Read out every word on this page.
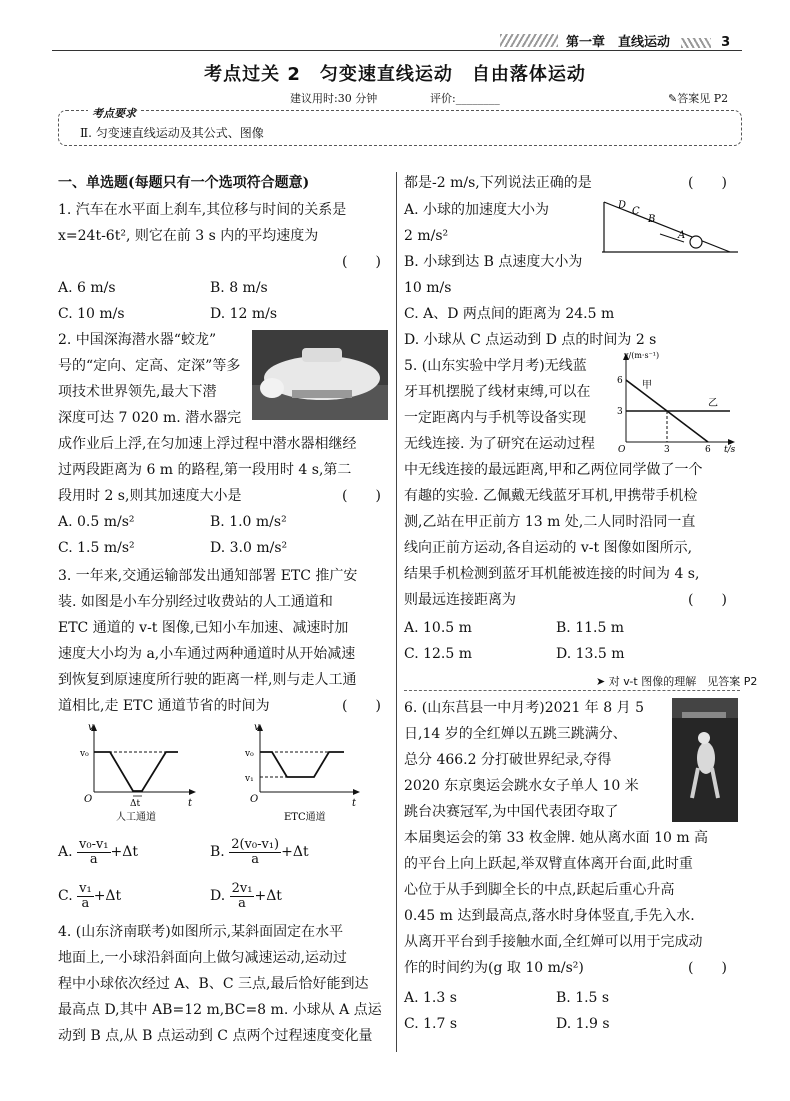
第一章　直线运动	3
考点过关 2　匀变速直线运动　自由落体运动
建议用时:30 分钟	评价:________	✎答案见 P2
考点要求
Ⅱ. 匀变速直线运动及其公式、图像
一、单选题(每题只有一个选项符合题意)
1. 汽车在水平面上刹车,其位移与时间的关系是
x=24t-6t², 则它在前 3 s 内的平均速度为
(　　)
A. 6 m/s	B. 8 m/s
C. 10 m/s	D. 12 m/s
2. 中国深海潜水器“蛟龙”
号的“定向、定高、定深”等多
项技术世界领先,最大下潜
深度可达 7 020 m. 潜水器完
成作业后上浮,在匀加速上浮过程中潜水器相继经
过两段距离为 6 m 的路程,第一段用时 4 s,第二
段用时 2 s,则其加速度大小是	(　　)
A. 0.5 m/s²	B. 1.0 m/s²
C. 1.5 m/s²	D. 3.0 m/s²
3. 一年来,交通运输部发出通知部署 ETC 推广安
装. 如图是小车分别经过收费站的人工通道和
ETC 通道的 v-t 图像,已知小车加速、减速时加
速度大小均为 a,小车通过两种通道时从开始减速
到恢复到原速度所行驶的距离一样,则与走人工通
道相比,走 ETC 通道节省的时间为	(　　)
v
v₀
O	Δt	t
人工通道
v
v₀
v₁
O	t
ETC通道
A. $\frac{\text{v₀-v₁}}{a} +\Delta t$	B. $\frac{\text{2(v₀-v₁)}}{a} +\Delta t$
C. $\frac{\text{v₁}}{a} +\Delta t$	D. $\frac{\text{2v₁}}{a} +\Delta t$
4. (山东济南联考)如图所示,某斜面固定在水平
地面上,一小球沿斜面向上做匀减速运动,运动过
程中小球依次经过 A、B、C 三点,最后恰好能到达
最高点 D,其中 AB=12 m,BC=8 m. 小球从 A 点运
动到 B 点,从 B 点运动到 C 点两个过程速度变化量
都是-2 m/s,下列说法正确的是	(　　)
A. 小球的加速度大小为
2 m/s²
B. 小球到达 B 点速度大小为
10 m/s
C. A、D 两点间的距离为 24.5 m
D. 小球从 C 点运动到 D 点的时间为 2 s
D
C
B
A
5. (山东实验中学月考)无线蓝
牙耳机摆脱了线材束缚,可以在
一定距离内与手机等设备实现
无线连接. 为了研究在运动过程
中无线连接的最远距离,甲和乙两位同学做了一个
有趣的实验. 乙佩戴无线蓝牙耳机,甲携带手机检
测,乙站在甲正前方 13 m 处,二人同时沿同一直
线向正前方运动,各自运动的 v-t 图像如图所示,
结果手机检测到蓝牙耳机能被连接的时间为 4 s,
则最远连接距离为	(　　)
v/(m·s⁻¹)
t/s
6
3
3	6
O
甲
乙
A. 10.5 m	B. 11.5 m
C. 12.5 m	D. 13.5 m
➤ 对 v-t 图像的理解　见答案 P2
6. (山东莒县一中月考)2021 年 8 月 5
日,14 岁的全红婵以五跳三跳满分、
总分 466.2 分打破世界纪录,夺得
2020 东京奥运会跳水女子单人 10 米
跳台决赛冠军,为中国代表团夺取了
本届奥运会的第 33 枚金牌. 她从离水面 10 m 高
的平台上向上跃起,举双臂直体离开台面,此时重
心位于从手到脚全长的中点,跃起后重心升高
0.45 m 达到最高点,落水时身体竖直,手先入水.
从离开平台到手接触水面,全红婵可以用于完成动
作的时间约为(g 取 10 m/s²)	(　　)
A. 1.3 s	B. 1.5 s
C. 1.7 s	D. 1.9 s
